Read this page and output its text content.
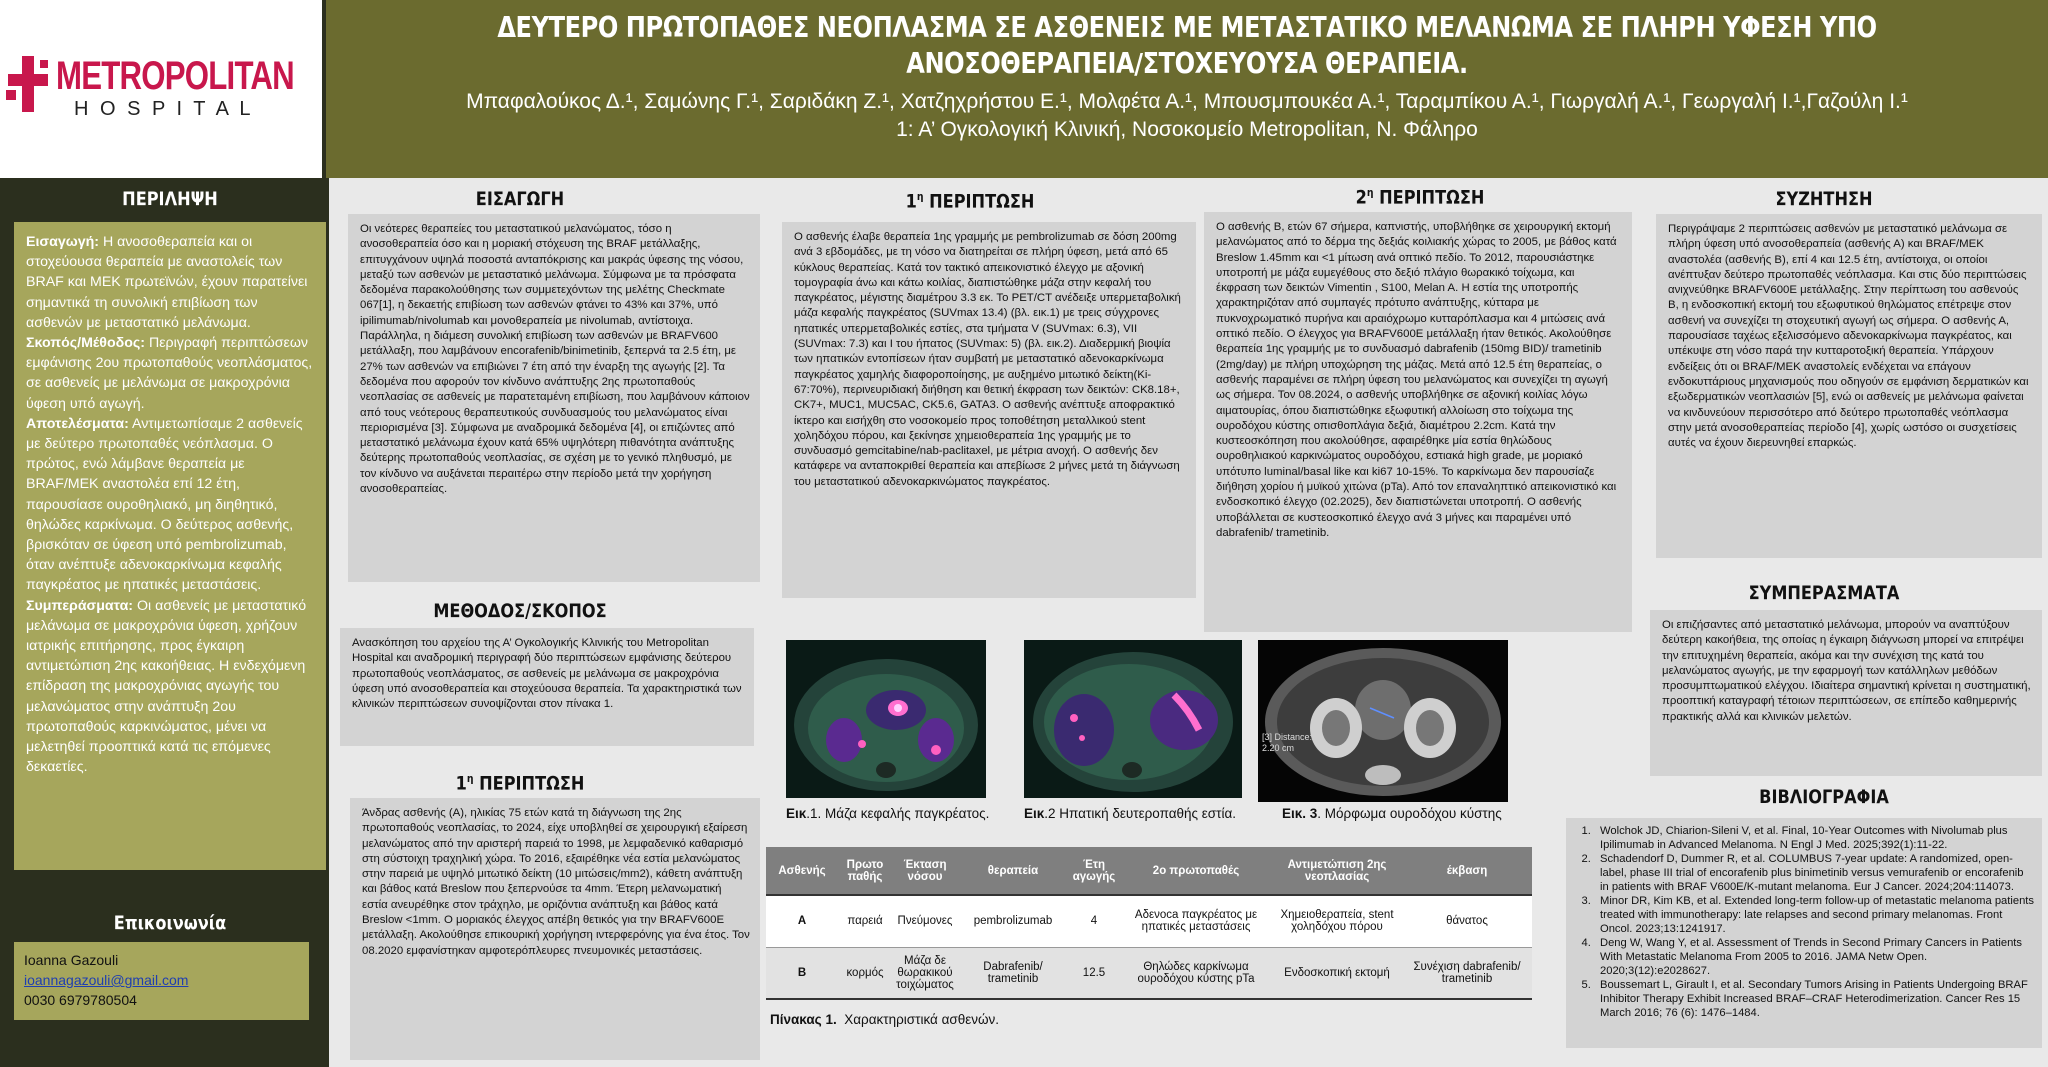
METROPOLITAN
H O S P I T A L
ΔΕΥΤΕΡΟ ΠΡΩΤΟΠΑΘΕΣ ΝΕΟΠΛΑΣΜΑ ΣΕ ΑΣΘΕΝΕΙΣ ΜΕ ΜΕΤΑΣΤΑΤΙΚΟ ΜΕΛΑΝΩΜΑ ΣΕ ΠΛΗΡΗ ΥΦΕΣΗ ΥΠΟ
ΑΝΟΣΟΘΕΡΑΠΕΙΑ/ΣΤΟΧΕΥΟΥΣΑ ΘΕΡΑΠΕΙΑ.
Μπαφαλούκος Δ.¹, Σαμώνης Γ.¹, Σαριδάκη Ζ.¹, Χατζηχρήστου Ε.¹, Μολφέτα Α.¹, Μπουσμπουκέα Α.¹, Ταραμπίκου Α.¹, Γιωργαλή Α.¹, Γεωργαλή Ι.¹,Γαζούλη Ι.¹
1: Α’ Ογκολογική Κλινική, Νοσοκομείο Metropolitan, Ν. Φάληρο
ΠΕΡΙΛΗΨΗ
Εισαγωγή: Η ανοσοθεραπεία και οι στοχεύουσα θεραπεία με αναστολείς των BRAF και MEK πρωτεϊνών, έχουν παρατείνει σημαντικά τη συνολική επιβίωση των ασθενών με μεταστατικό μελάνωμα.
Σκοπός/Μέθοδος: Περιγραφή περιπτώσεων εμφάνισης 2ου πρωτοπαθούς νεοπλάσματος, σε ασθενείς με μελάνωμα σε μακροχρόνια ύφεση υπό αγωγή.
Αποτελέσματα: Αντιμετωπίσαμε 2 ασθενείς με δεύτερο πρωτοπαθές νεόπλασμα. Ο πρώτος, ενώ λάμβανε θεραπεία με BRAF/MEK αναστολέα επί 12 έτη, παρουσίασε ουροθηλιακό, μη διηθητικό, θηλώδες καρκίνωμα. Ο δεύτερος ασθενής, βρισκόταν σε ύφεση υπό pembrolizumab, όταν ανέπτυξε αδενοκαρκίνωμα κεφαλής παγκρέατος με ηπατικές μεταστάσεις.
Συμπεράσματα: Οι ασθενείς με μεταστατικό μελάνωμα σε μακροχρόνια ύφεση, χρήζουν ιατρικής επιτήρησης, προς έγκαιρη αντιμετώπιση 2ης κακοήθειας. Η ενδεχόμενη επίδραση της μακροχρόνιας αγωγής του μελανώματος στην ανάπτυξη 2ου πρωτοπαθούς καρκινώματος, μένει να μελετηθεί προοπτικά κατά τις επόμενες δεκαετίες.
Επικοινωνία
Ioanna Gazouli
ioannagazouli@gmail.com
0030 6979780504
ΕΙΣΑΓΩΓΗ
Οι νεότερες θεραπείες του μεταστατικού μελανώματος, τόσο η ανοσοθεραπεία όσο και η μοριακή στόχευση της BRAF μετάλλαξης, επιτυγχάνουν υψηλά ποσοστά ανταπόκρισης και μακράς ύφεσης της νόσου, μεταξύ των ασθενών με μεταστατικό μελάνωμα. Σύμφωνα με τα πρόσφατα δεδομένα παρακολούθησης των συμμετεχόντων της μελέτης Checkmate 067[1], η δεκαετής επιβίωση των ασθενών φτάνει το 43% και 37%, υπό ipilimumab/nivolumab και μονοθεραπεία με nivolumab, αντίστοιχα. Παράλληλα, η διάμεση συνολική επιβίωση των ασθενών με BRAFV600 μετάλλαξη, που λαμβάνουν encorafenib/binimetinib, ξεπερνά τα 2.5 έτη, με 27% των ασθενών να επιβιώνει 7 έτη από την έναρξη της αγωγής [2]. Τα δεδομένα που αφορούν τον κίνδυνο ανάπτυξης 2ης πρωτοπαθούς νεοπλασίας σε ασθενείς με παρατεταμένη επιβίωση, που λαμβάνουν κάποιον από τους νεότερους θεραπευτικούς συνδυασμούς του μελανώματος είναι περιορισμένα [3]. Σύμφωνα με αναδρομικά δεδομένα [4], οι επιζώντες από μεταστατικό μελάνωμα έχουν κατά 65% υψηλότερη πιθανότητα ανάπτυξης δεύτερης πρωτοπαθούς νεοπλασίας, σε σχέση με το γενικό πληθυσμό, με τον κίνδυνο να αυξάνεται περαιτέρω στην περίοδο μετά την χορήγηση ανοσοθεραπείας.
ΜΕΘΟΔΟΣ/ΣΚΟΠΟΣ
Ανασκόπηση του αρχείου της Α’ Ογκολογικής Κλινικής του Metropolitan Hospital και αναδρομική περιγραφή δύο περιπτώσεων εμφάνισης δεύτερου πρωτοπαθούς νεοπλάσματος, σε ασθενείς με μελάνωμα σε μακροχρόνια ύφεση υπό ανοσοθεραπεία και στοχεύουσα θεραπεία. Τα χαρακτηριστικά των κλινικών περιπτώσεων συνοψίζονται στον πίνακα 1.
$1^\eta$ ΠΕΡΙΠΤΩΣΗ
Άνδρας ασθενής (Α), ηλικίας 75 ετών κατά τη διάγνωση της 2ης πρωτοπαθούς νεοπλασίας, το 2024, είχε υποβληθεί σε χειρουργική εξαίρεση μελανώματος από την αριστερή παρειά το 1998, με λεμφαδενικό καθαρισμό στη σύστοιχη τραχηλική χώρα. Το 2016, εξαιρέθηκε νέα εστία μελανώματος στην παρειά με υψηλό μιτωτικό δείκτη (10 μιτώσεις/mm2), κάθετη ανάπτυξη και βάθος κατά Breslow που ξεπερνούσε τα 4mm. Έτερη μελανωματική εστία ανευρέθηκε στον τράχηλο, με οριζόντια ανάπτυξη και βάθος κατά Breslow <1mm. Ο μοριακός έλεγχος απέβη θετικός για την BRAFV600E μετάλλαξη. Ακολούθησε επικουρική χορήγηση ιντερφερόνης για ένα έτος. Τον 08.2020 εμφανίστηκαν αμφοτερόπλευρες πνευμονικές μεταστάσεις.
$1^\eta$ ΠΕΡΙΠΤΩΣΗ
Ο ασθενής έλαβε θεραπεία 1ης γραμμής με pembrolizumab σε δόση 200mg ανά 3 εβδομάδες, με τη νόσο να διατηρείται σε πλήρη ύφεση, μετά από 65 κύκλους θεραπείας. Κατά τον τακτικό απεικονιστικό έλεγχο με αξονική τομογραφία άνω και κάτω κοιλίας, διαπιστώθηκε μάζα στην κεφαλή του παγκρέατος, μέγιστης διαμέτρου 3.3 εκ. Το PET/CT ανέδειξε υπερμεταβολική μάζα κεφαλής παγκρέατος (SUVmax 13.4) (βλ. εικ.1) με τρεις σύγχρονες ηπατικές υπερμεταβολικές εστίες, στα τμήματα V (SUVmax: 6.3), VII (SUVmax: 7.3) και I του ήπατος (SUVmax: 5) (βλ. εικ.2). Διαδερμική βιοψία των ηπατικών εντοπίσεων ήταν συμβατή με μεταστατικό αδενοκαρκίνωμα παγκρέατος χαμηλής διαφοροποίησης, με αυξημένο μιτωτικό δείκτη(Ki-67:70%), περινευριδιακή διήθηση και θετική έκφραση των δεικτών: CK8.18+, CK7+, MUC1, MUC5AC, CK5.6, GATA3. Ο ασθενής ανέπτυξε αποφρακτικό ίκτερο και εισήχθη στο νοσοκομείο προς τοποθέτηση μεταλλικού stent χοληδόχου πόρου, και ξεκίνησε χημειοθεραπεία 1ης γραμμής με το συνδυασμό gemcitabine/nab-paclitaxel, με μέτρια ανοχή. Ο ασθενής δεν κατάφερε να ανταποκριθεί θεραπεία και απεβίωσε 2 μήνες μετά τη διάγνωση του μεταστατικού αδενοκαρκινώματος παγκρέατος.
$2^\eta$ ΠΕΡΙΠΤΩΣΗ
Ο ασθενής Β, ετών 67 σήμερα, καπνιστής, υποβλήθηκε σε χειρουργική εκτομή μελανώματος από το δέρμα της δεξιάς κοιλιακής χώρας το 2005, με βάθος κατά Breslow 1.45mm και <1 μίτωση ανά οπτικό πεδίο. Το 2012, παρουσιάστηκε υποτροπή με μάζα ευμεγέθους στο δεξιό πλάγιο θωρακικό τοίχωμα, και έκφραση των δεικτών Vimentin , S100, Melan A. Η εστία της υποτροπής χαρακτηριζόταν από συμπαγές πρότυπο ανάπτυξης, κύτταρα με πυκνοχρωματικό πυρήνα και αραιόχρωμο κυτταρόπλασμα και 4 μιτώσεις ανά οπτικό πεδίο. Ο έλεγχος για BRAFV600E μετάλλαξη ήταν θετικός. Ακολούθησε θεραπεία 1ης γραμμής με το συνδυασμό dabrafenib (150mg BID)/ trametinib (2mg/day) με πλήρη υποχώρηση της μάζας. Μετά από 12.5 έτη θεραπείας, ο ασθενής παραμένει σε πλήρη ύφεση του μελανώματος και συνεχίζει τη αγωγή ως σήμερα. Τον 08.2024, ο ασθενής υποβλήθηκε σε αξονική κοιλίας λόγω αιματουρίας, όπου διαπιστώθηκε εξωφυτική αλλοίωση στο τοίχωμα της ουροδόχου κύστης οπισθοπλάγια δεξιά, διαμέτρου 2.2cm. Κατά την κυστεοσκόπηση που ακολούθησε, αφαιρέθηκε μία εστία θηλώδους ουροθηλιακού καρκινώματος ουροδόχου, εστιακά high grade, με μοριακό υπότυπο luminal/basal like και ki67 10-15%. Το καρκίνωμα δεν παρουσίαζε διήθηση χορίου ή μυϊκού χιτώνα (pTa). Από τον επαναληπτικό απεικονιστικό και ενδοσκοπικό έλεγχο (02.2025), δεν διαπιστώνεται υποτροπή. Ο ασθενής υποβάλλεται σε κυστεοσκοπικό έλεγχο ανά 3 μήνες και παραμένει υπό dabrafenib/ trametinib.
[3] Distance:
2.20 cm
Εικ.1. Μάζα κεφαλής παγκρέατος.	Εικ.2 Ηπατική δευτεροπαθής εστία.	Εικ. 3. Μόρφωμα ουροδόχου κύστης
Ασθενής	Πρωτο παθής	Έκταση νόσου	θεραπεία	Έτη αγωγής	2ο πρωτοπαθές	Αντιμετώπιση 2ης νεοπλασίας	έκβαση
Α	παρειά	Πνεύμονες	pembrolizumab	4	Αδενοca παγκρέατος με ηπατικές μεταστάσεις	Χημειοθεραπεία, stent χοληδόχου πόρου	θάνατος
Β	κορμός	Μάζα δε θωρακικού τοιχώματος	Dabrafenib/ trametinib	12.5	Θηλώδες καρκίνωμα ουροδόχου κύστης pTa	Ενδοσκοπική εκτομή	Συνέχιση dabrafenib/ trametinib
Πίνακας 1.  Χαρακτηριστικά ασθενών.
ΣΥΖΗΤΗΣΗ
Περιγράψαμε 2 περιπτώσεις ασθενών με μεταστατικό μελάνωμα σε πλήρη ύφεση υπό ανοσοθεραπεία (ασθενής Α) και BRAF/MEK αναστολέα (ασθενής Β), επί 4 και 12.5 έτη, αντίστοιχα, οι οποίοι ανέπτυξαν δεύτερο πρωτοπαθές νεόπλασμα. Και στις δύο περιπτώσεις ανιχνεύθηκε BRAFV600E μετάλλαξης. Στην περίπτωση του ασθενούς Β, η ενδοσκοπική εκτομή του εξωφυτικού θηλώματος επέτρεψε στον ασθενή να συνεχίζει τη στοχευτική αγωγή ως σήμερα. Ο ασθενής Α, παρουσίασε ταχέως εξελισσόμενο αδενοκαρκίνωμα παγκρέατος, και υπέκυψε στη νόσο παρά την κυτταροτοξική θεραπεία. Υπάρχουν ενδείξεις ότι οι BRAF/MEK αναστολείς ενδέχεται να επάγουν ενδοκυττάριους μηχανισμούς που οδηγούν σε εμφάνιση δερματικών και εξωδερματικών νεοπλασιών [5], ενώ οι ασθενείς με μελάνωμα φαίνεται να κινδυνεύουν περισσότερο από δεύτερο πρωτοπαθές νεόπλασμα στην μετά ανοσοθεραπείας περίοδο [4], χωρίς ωστόσο οι συσχετίσεις αυτές να έχουν διερευνηθεί επαρκώς.
ΣΥΜΠΕΡΑΣΜΑΤΑ
Οι επιζήσαντες από μεταστατικό μελάνωμα, μπορούν να αναπτύξουν δεύτερη κακοήθεια, της οποίας η έγκαιρη διάγνωση μπορεί να επιτρέψει την επιτυχημένη θεραπεία, ακόμα και την συνέχιση της κατά του μελανώματος αγωγής, με την εφαρμογή των κατάλληλων μεθόδων προσυμπτωματικού ελέγχου. Ιδιαίτερα σημαντική κρίνεται η συστηματική, προοπτική καταγραφή τέτοιων περιπτώσεων, σε επίπεδο καθημερινής πρακτικής αλλά και κλινικών μελετών.
ΒΙΒΛΙΟΓΡΑΦΙΑ
1. Wolchok JD, Chiarion-Sileni V, et al. Final, 10-Year Outcomes with Nivolumab plus Ipilimumab in Advanced Melanoma. N Engl J Med. 2025;392(1):11-22.
2. Schadendorf D, Dummer R, et al. COLUMBUS 7-year update: A randomized, open-label, phase III trial of encorafenib plus binimetinib versus vemurafenib or encorafenib in patients with BRAF V600E/K-mutant melanoma. Eur J Cancer. 2024;204:114073.
3. Minor DR, Kim KB, et al. Extended long-term follow-up of metastatic melanoma patients treated with immunotherapy: late relapses and second primary melanomas. Front Oncol. 2023;13:1241917.
4. Deng W, Wang Y, et al. Assessment of Trends in Second Primary Cancers in Patients With Metastatic Melanoma From 2005 to 2016. JAMA Netw Open. 2020;3(12):e2028627.
5. Boussemart L, Girault I, et al. Secondary Tumors Arising in Patients Undergoing BRAF Inhibitor Therapy Exhibit Increased BRAF–CRAF Heterodimerization. Cancer Res 15 March 2016; 76 (6): 1476–1484.
